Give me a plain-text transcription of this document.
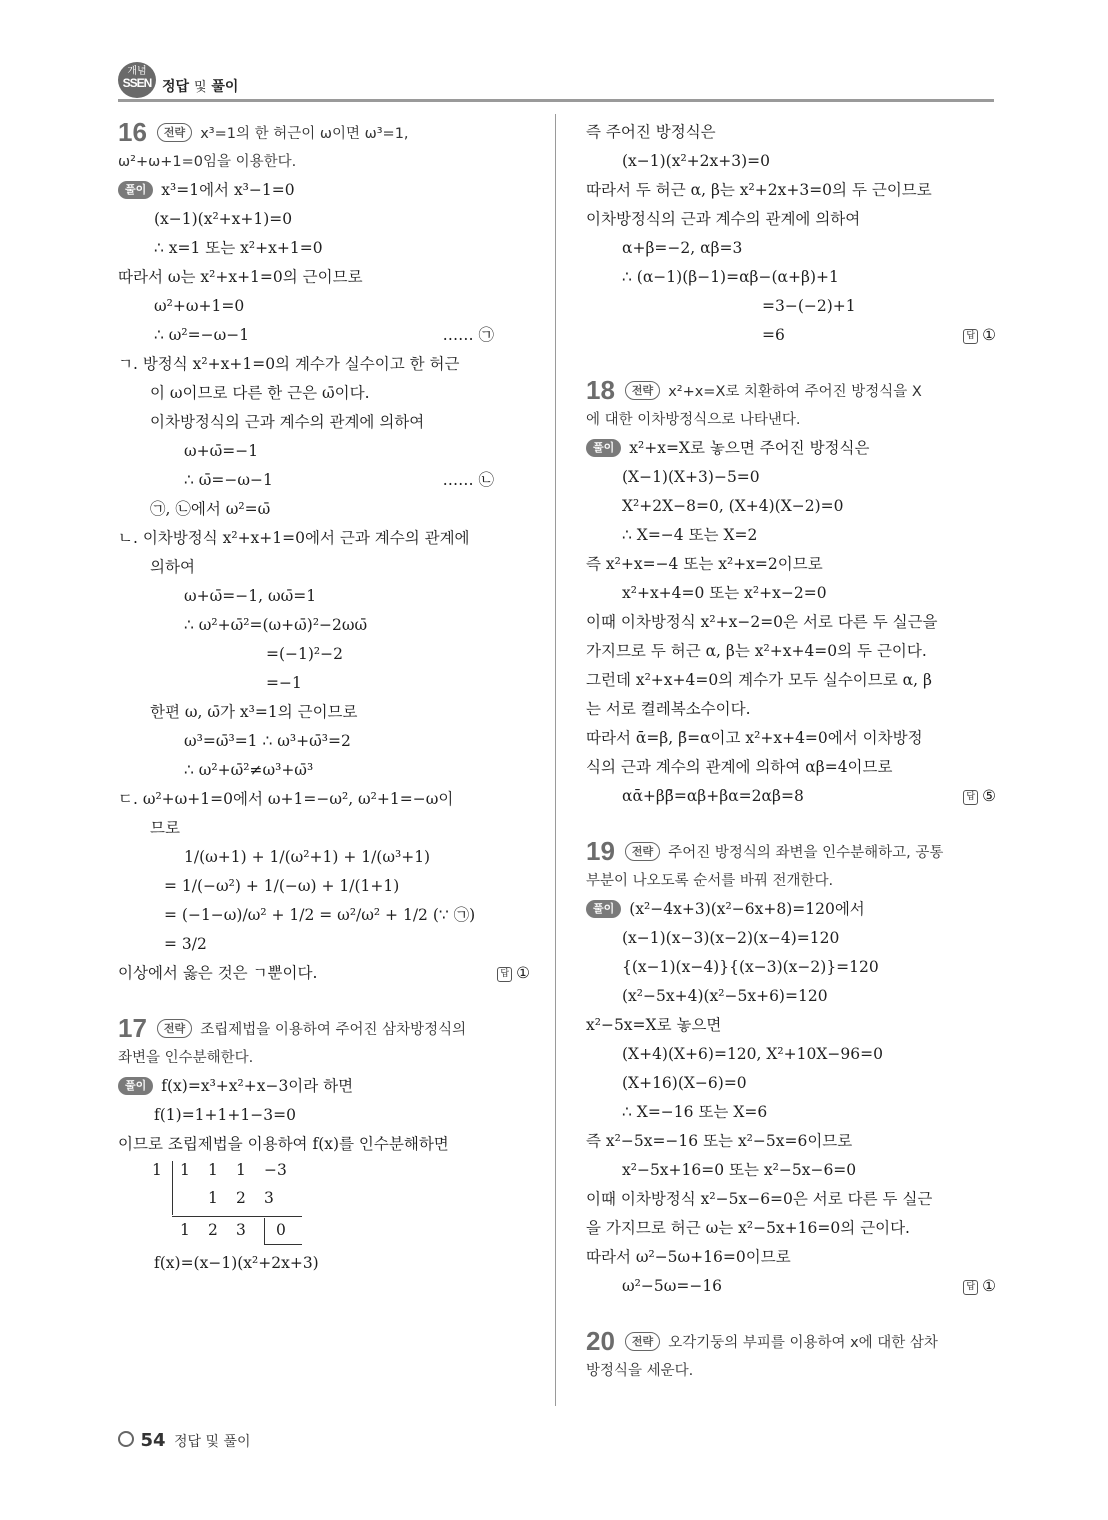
개념
SSEN 정답 및 풀이
16 전략 x³=1의 한 허근이 ω이면 ω³=1,
ω²+ω+1=0임을 이용한다.
풀이 x³=1에서 x³−1=0
(x−1)(x²+x+1)=0
∴ x=1 또는 x²+x+1=0
따라서 ω는 x²+x+1=0의 근이므로
ω²+ω+1=0
∴ ω²=−ω−1	…… ㉠
ㄱ. 방정식 x²+x+1=0의 계수가 실수이고 한 허근
이 ω이므로 다른 한 근은 ω̄이다.
이차방정식의 근과 계수의 관계에 의하여
ω+ω̄=−1
∴ ω̄=−ω−1	…… ㉡
㉠, ㉡에서 ω²=ω̄
ㄴ. 이차방정식 x²+x+1=0에서 근과 계수의 관계에
의하여
ω+ω̄=−1, ωω̄=1
∴ ω²+ω̄²=(ω+ω̄)²−2ωω̄
=(−1)²−2
=−1
한편 ω, ω̄가 x³=1의 근이므로
ω³=ω̄³=1 ∴ ω³+ω̄³=2
∴ ω²+ω̄²≠ω³+ω̄³
ㄷ. ω²+ω+1=0에서 ω+1=−ω², ω²+1=−ω이
므로
1/(ω+1) + 1/(ω²+1) + 1/(ω³+1)
= 1/(−ω²) + 1/(−ω) + 1/(1+1)
= (−1−ω)/ω² + 1/2 = ω²/ω² + 1/2 (∵ ㉠)
= 3/2
이상에서 옳은 것은 ㄱ뿐이다.	답 ①
17 전략 조립제법을 이용하여 주어진 삼차방정식의
좌변을 인수분해한다.
풀이 f(x)=x³+x²+x−3이라 하면
f(1)=1+1+1−3=0
이므로 조립제법을 이용하여 f(x)를 인수분해하면
1 1 1 1 −3
1 2 3
1 2 3 0
f(x)=(x−1)(x²+2x+3)
즉 주어진 방정식은
(x−1)(x²+2x+3)=0
따라서 두 허근 α, β는 x²+2x+3=0의 두 근이므로
이차방정식의 근과 계수의 관계에 의하여
α+β=−2, αβ=3
∴ (α−1)(β−1)=αβ−(α+β)+1
=3−(−2)+1
=6	답 ①
18 전략 x²+x=X로 치환하여 주어진 방정식을 X
에 대한 이차방정식으로 나타낸다.
풀이 x²+x=X로 놓으면 주어진 방정식은
(X−1)(X+3)−5=0
X²+2X−8=0, (X+4)(X−2)=0
∴ X=−4 또는 X=2
즉 x²+x=−4 또는 x²+x=2이므로
x²+x+4=0 또는 x²+x−2=0
이때 이차방정식 x²+x−2=0은 서로 다른 두 실근을
가지므로 두 허근 α, β는 x²+x+4=0의 두 근이다.
그런데 x²+x+4=0의 계수가 모두 실수이므로 α, β
는 서로 켤레복소수이다.
따라서 ᾱ=β, β̄=α이고 x²+x+4=0에서 이차방정
식의 근과 계수의 관계에 의하여 αβ=4이므로
αᾱ+ββ̄=αβ+βα=2αβ=8	답 ⑤
19 전략 주어진 방정식의 좌변을 인수분해하고, 공통
부분이 나오도록 순서를 바꿔 전개한다.
풀이 (x²−4x+3)(x²−6x+8)=120에서
(x−1)(x−3)(x−2)(x−4)=120
{(x−1)(x−4)}{(x−3)(x−2)}=120
(x²−5x+4)(x²−5x+6)=120
x²−5x=X로 놓으면
(X+4)(X+6)=120, X²+10X−96=0
(X+16)(X−6)=0
∴ X=−16 또는 X=6
즉 x²−5x=−16 또는 x²−5x=6이므로
x²−5x+16=0 또는 x²−5x−6=0
이때 이차방정식 x²−5x−6=0은 서로 다른 두 실근
을 가지므로 허근 ω는 x²−5x+16=0의 근이다.
따라서 ω²−5ω+16=0이므로
ω²−5ω=−16	답 ①
20 전략 오각기둥의 부피를 이용하여 x에 대한 삼차
방정식을 세운다.
54 정답 및 풀이
